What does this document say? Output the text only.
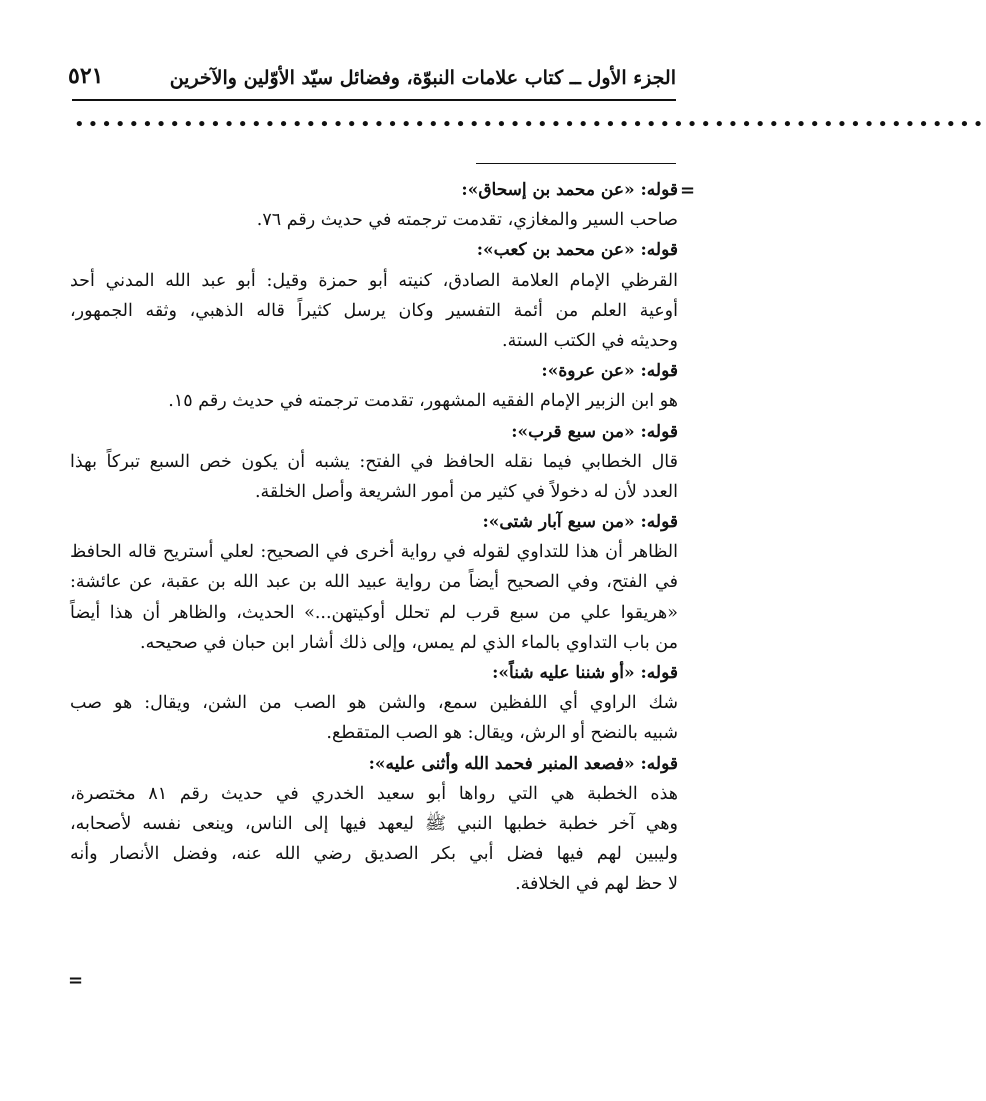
الجزء الأول ــ كتاب علامات النبوّة، وفضائل سيّد الأوّلين والآخرين
٥٢١
•••••••••••••••••••••••••••••••••••••••••••••••••••••••••••••••••••
=
=
قوله: «عن محمد بن إسحاق»:
صاحب السير والمغازي، تقدمت ترجمته في حديث رقم ٧٦.
قوله: «عن محمد بن كعب»:
القرظي الإمام العلامة الصادق، كنيته أبو حمزة وقيل: أبو عبد الله المدني أحد
أوعية العلم من أئمة التفسير وكان يرسل كثيراً قاله الذهبي، وثقه الجمهور،
وحديثه في الكتب الستة.
قوله: «عن عروة»:
هو ابن الزبير الإمام الفقيه المشهور، تقدمت ترجمته في حديث رقم ١٥.
قوله: «من سبع قرب»:
قال الخطابي فيما نقله الحافظ في الفتح: يشبه أن يكون خص السبع تبركاً بهذا
العدد لأن له دخولاً في كثير من أمور الشريعة وأصل الخلقة.
قوله: «من سبع آبار شتى»:
الظاهر أن هذا للتداوي لقوله في رواية أخرى في الصحيح: لعلي أستريح قاله الحافظ
في الفتح، وفي الصحيح أيضاً من رواية عبيد الله بن عبد الله بن عقبة، عن عائشة:
«هريقوا علي من سبع قرب لم تحلل أوكيتهن...» الحديث، والظاهر أن هذا أيضاً
من باب التداوي بالماء الذي لم يمس، وإلى ذلك أشار ابن حبان في صحيحه.
قوله: «أو شننا عليه شناً»:
شك الراوي أي اللفظين سمع، والشن هو الصب من الشن، ويقال: هو صب
شبيه بالنضح أو الرش، ويقال: هو الصب المتقطع.
قوله: «فصعد المنبر فحمد الله وأثنى عليه»:
هذه الخطبة هي التي رواها أبو سعيد الخدري في حديث رقم ٨١ مختصرة،
وهي آخر خطبة خطبها النبي ﷺ ليعهد فيها إلى الناس، وينعى نفسه لأصحابه،
وليبين لهم فيها فضل أبي بكر الصديق رضي الله عنه، وفضل الأنصار وأنه
لا حظ لهم في الخلافة.
